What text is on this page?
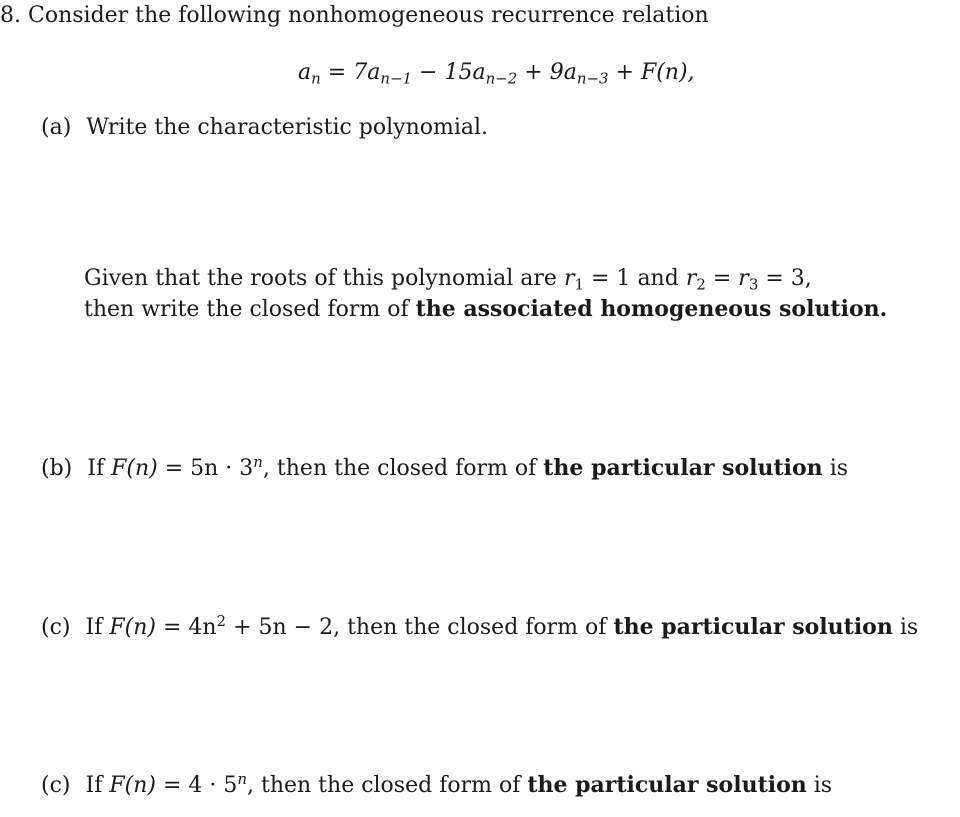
8. Consider the following nonhomogeneous recurrence relation
$a_n = 7a_{n-1} - 15a_{n-2} + 9a_{n-3} + F(n)$,
(a) Write the characteristic polynomial.
Given that the roots of this polynomial are $r_1 = 1$ and $r_2 = r_3 = 3$,
then write the closed form of the associated homogeneous solution.
(b) If $F(n) = 5n \cdot 3^n$, then the closed form of the particular solution is
(c) If $F(n) = 4n^2 + 5n - 2$, then the closed form of the particular solution is
(c) If $F(n) = 4 \cdot 5^n$, then the closed form of the particular solution is
